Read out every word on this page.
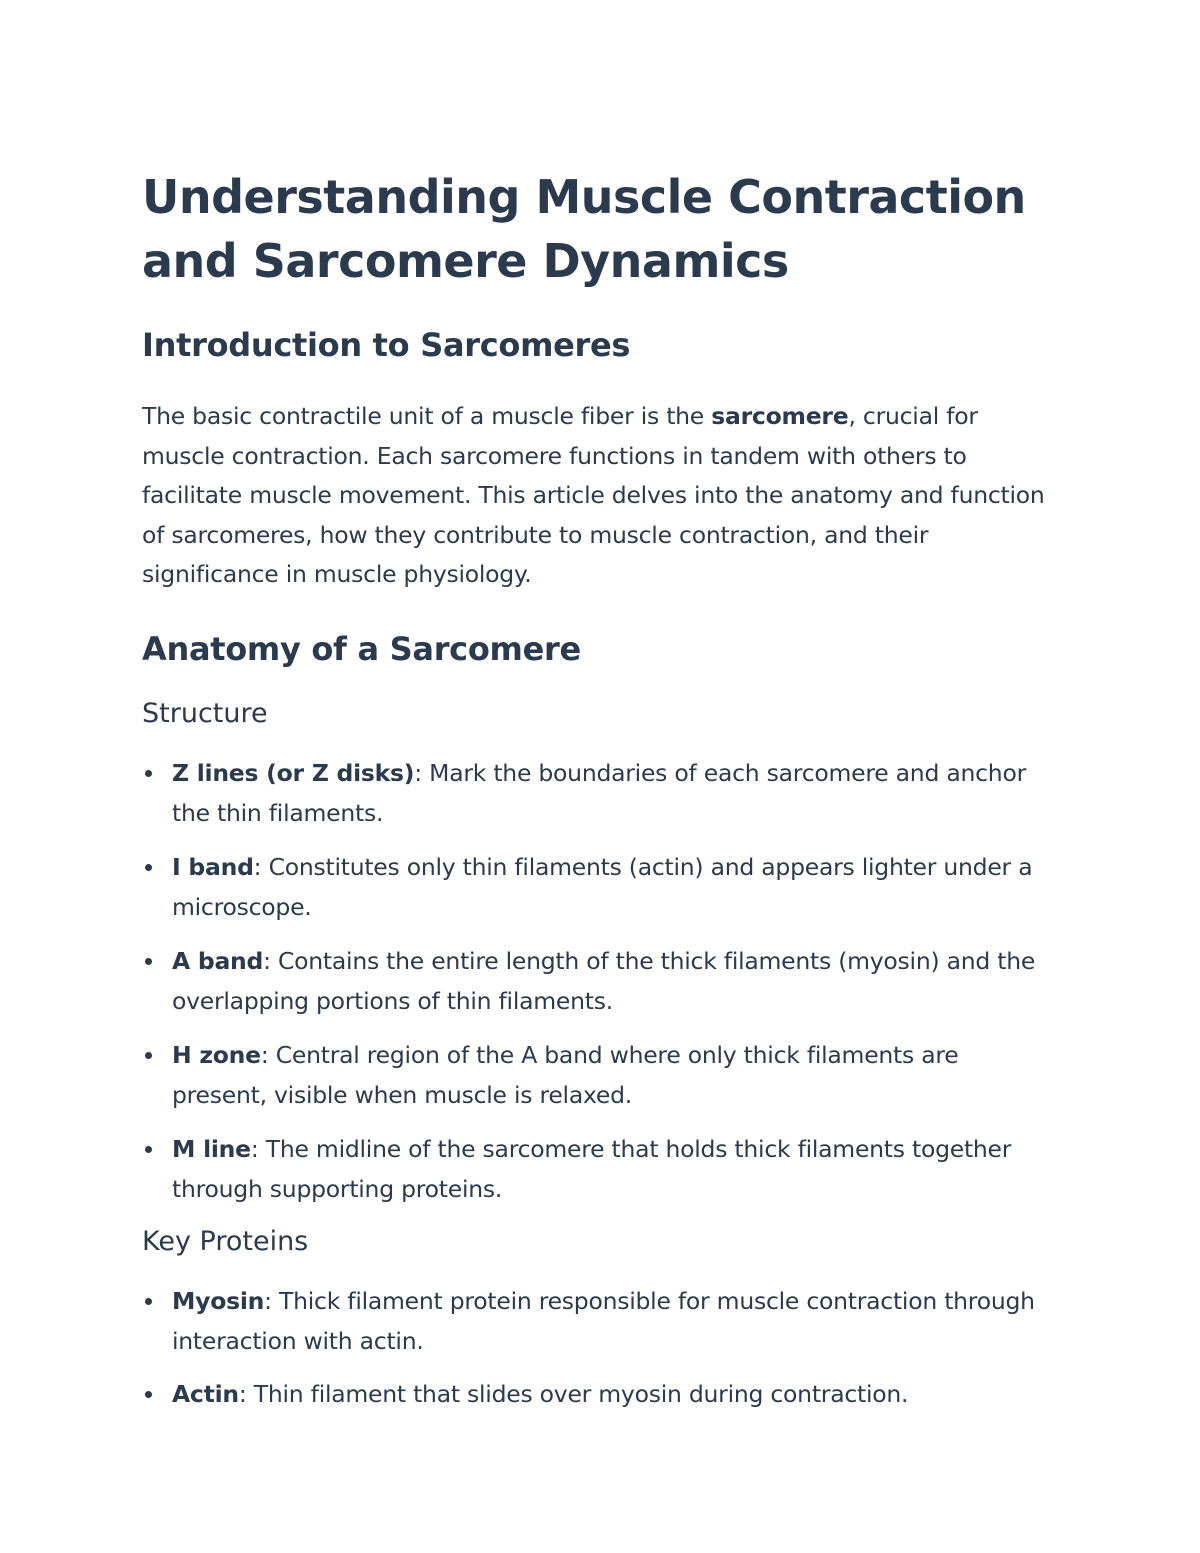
Understanding Muscle Contraction and Sarcomere Dynamics
Introduction to Sarcomeres

The basic contractile unit of a muscle fiber is the sarcomere, crucial for muscle contraction. Each sarcomere functions in tandem with others to facilitate muscle movement. This article delves into the anatomy and function of sarcomeres, how they contribute to muscle contraction, and their significance in muscle physiology.

Anatomy of a Sarcomere
Structure
Z lines (or Z disks): Mark the boundaries of each sarcomere and anchor the thin filaments.
I band: Constitutes only thin filaments (actin) and appears lighter under a microscope.
A band: Contains the entire length of the thick filaments (myosin) and the overlapping portions of thin filaments.
H zone: Central region of the A band where only thick filaments are present, visible when muscle is relaxed.
M line: The midline of the sarcomere that holds thick filaments together through supporting proteins.
Key Proteins
Myosin: Thick filament protein responsible for muscle contraction through interaction with actin.
Actin: Thin filament that slides over myosin during contraction.
